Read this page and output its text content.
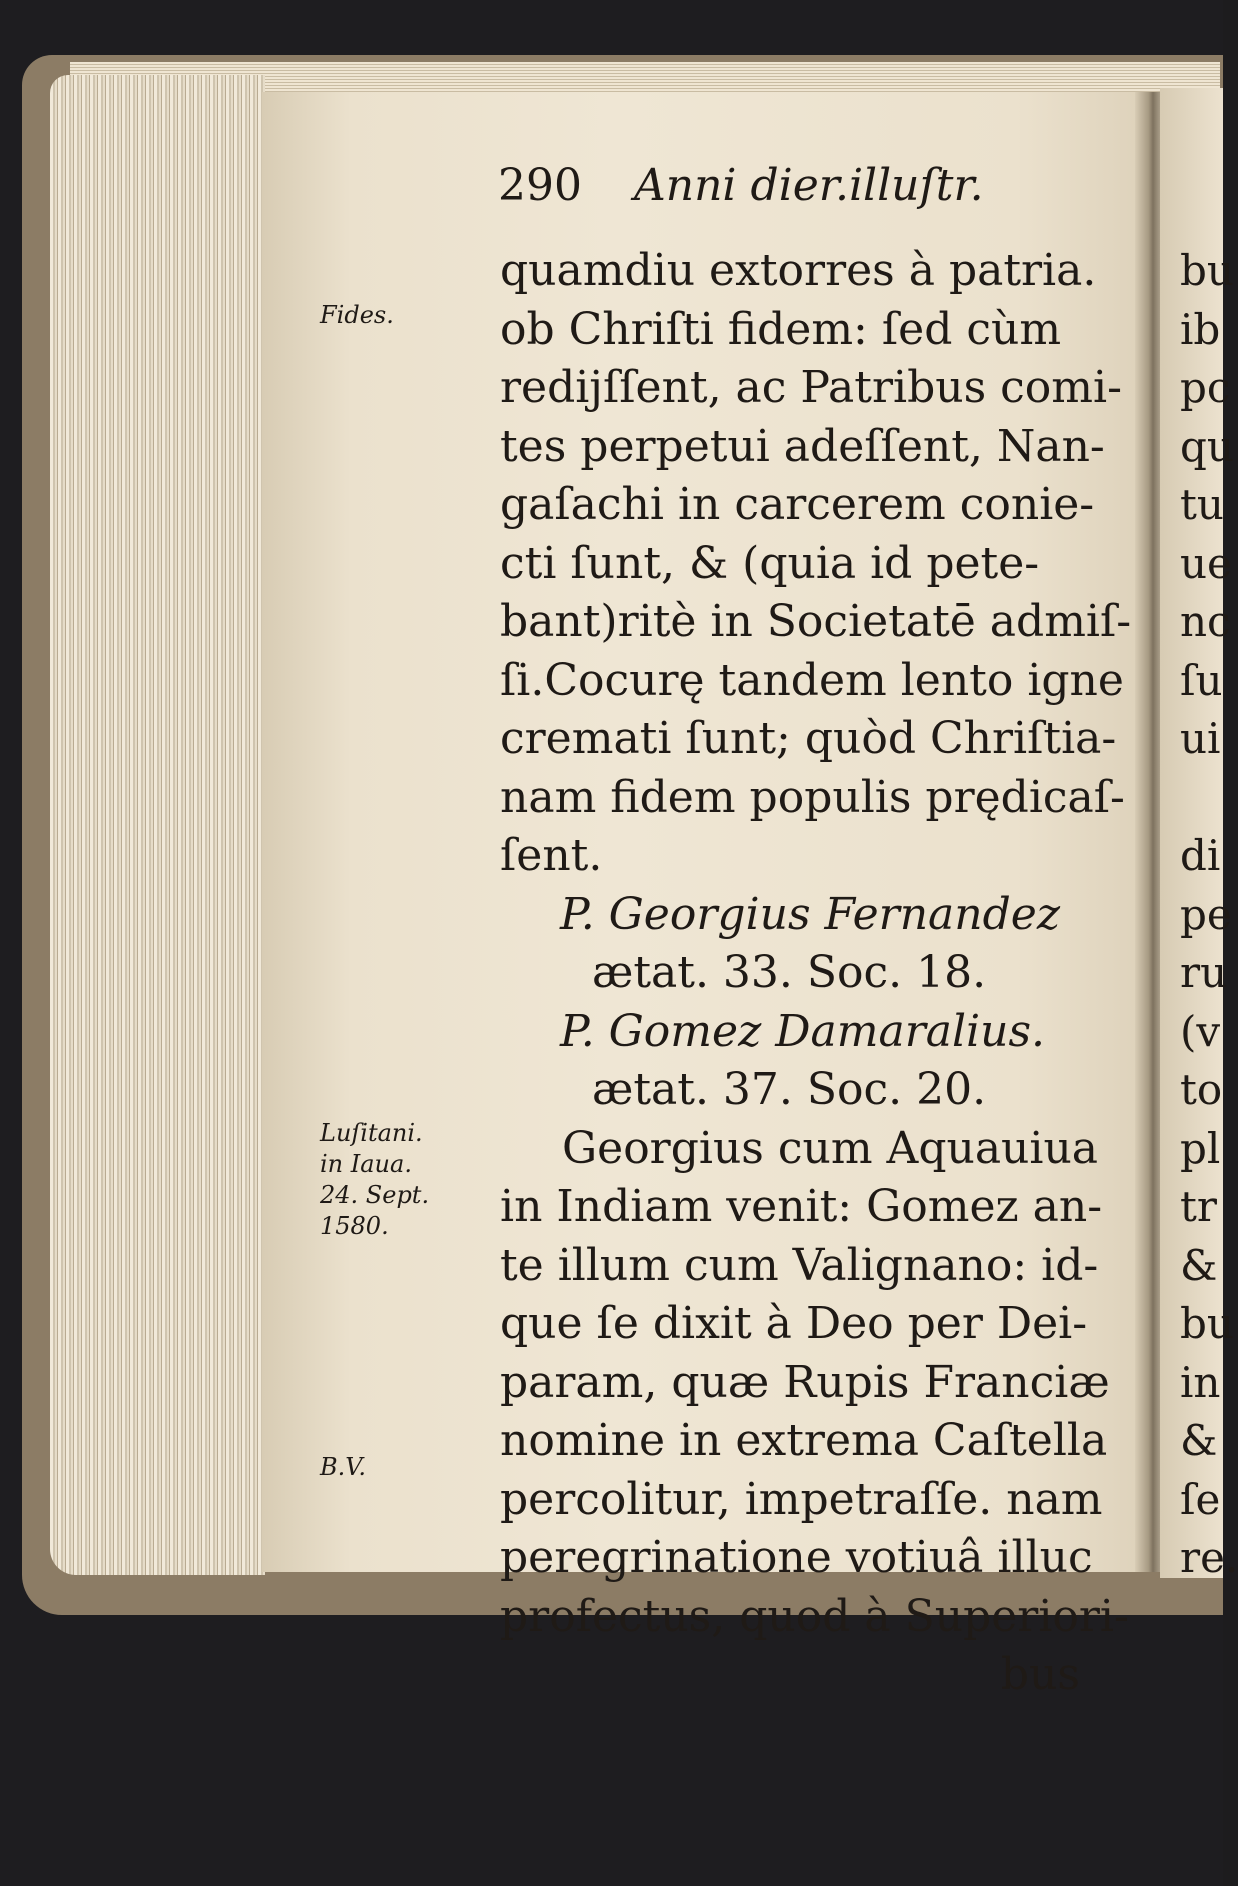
290 Anni dier.illuſtr.
quamdiu extorres à patria.
ob Chriſti fidem: ſed cùm
redijſſent, ac Patribus comi-
tes perpetui adeſſent, Nan-
gaſachi in carcerem conie-
cti ſunt, & (quia id pete-
bant)ritè in Societatē admiſ-
ſi.Cocurę tandem lento igne
cremati ſunt; quòd Chriſtia-
nam fidem populis prędicaſ-
ſent.
P. Georgius Fernandez
ætat. 33. Soc. 18.
P. Gomez Damaralius.
ætat. 37. Soc. 20.
Georgius cum Aquauiua
in Indiam venit: Gomez an-
te illum cum Valignano: id-
que ſe dixit à Deo per Dei-
param, quæ Rupis Franciæ
nomine in extrema Caſtella
percolitur, impetraſſe. nam
peregrinatione votiuâ illuc
profectus, quod à Superiori-
bus
Fides.
Luſitani.
in Iaua.
24. Sept.
1580.
B.V.
bu
ib
pc
qu
tu
ue
nc
ſu
ui
di
pe
ru
(v
to
pl
tr
&
bu
in
&
ſe
re.
